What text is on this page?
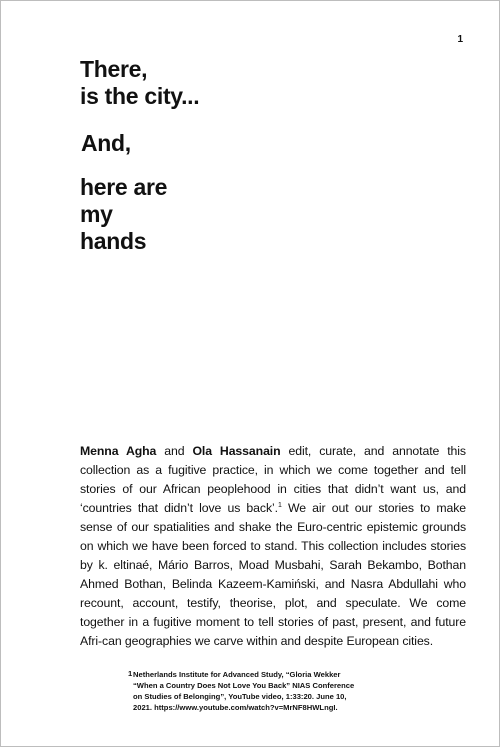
1
There,
is the city...
And,
here are
my
hands

Menna Agha and Ola Hassanain edit, curate, and annotate this collection as a fugitive practice, in which we come together and tell stories of our African peoplehood in cities that didn’t want us, and ‘countries that didn’t love us back’.$^1$ We air out our stories to make sense of our spatialities and shake the Euro-centric epistemic grounds on which we have been forced to stand. This collection includes stories by k. eltinaé, Mário Barros, Moad Musbahi, Sarah Bekambo, Bothan Ahmed Bothan, Belinda Kazeem-Kamiński, and Nasra Abdullahi who recount, account, testify, theorise, plot, and speculate. We come together in a fugitive moment to tell stories of past, present, and future Afri-can geographies we carve within and despite European cities.

1 Netherlands Institute for Advanced Study, “Gloria Wekker
“When a Country Does Not Love You Back” NIAS Conference
on Studies of Belonging”, YouTube video, 1:33:20. June 10,
2021. https://www.youtube.com/watch?v=MrNF8HWLngI.
